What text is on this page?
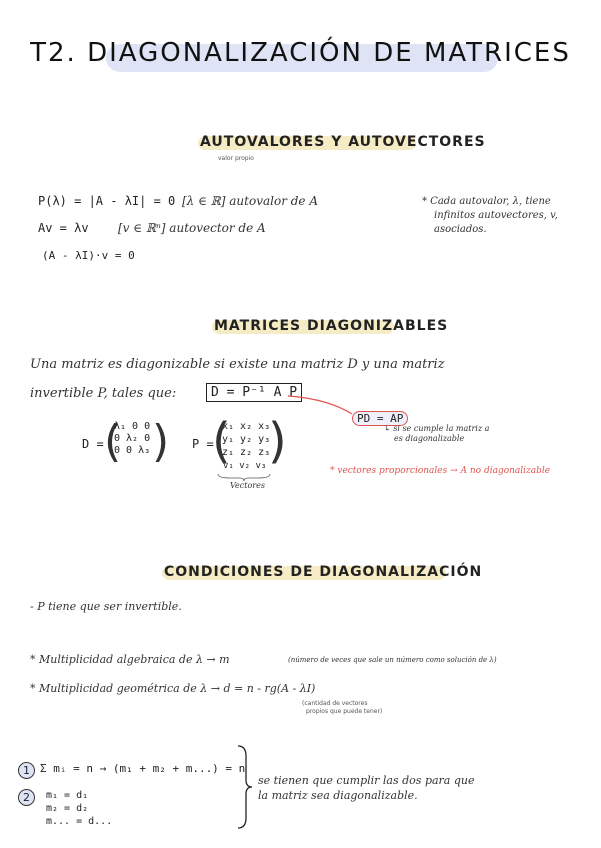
T2. DIAGONALIZACIÓN DE MATRICES
AUTOVALORES Y AUTOVECTORES
valor propio
P(λ) = |A - λI| = 0 [λ ∈ ℝ] autovalor de A
Av = λv [v ∈ ℝⁿ] autovector de A
(A - λI)·v = 0
* Cada autovalor, λ, tiene
infinitos autovectores, v,
asociados.
MATRICES DIAGONIZABLES
Una matriz es diagonizable si existe una matriz D y una matriz
invertible P, tales que:	D = P⁻¹ A P
PD = AP
↳ si se cumple la matriz a
es diagonalizable
D = (
λ₁ 0 0
0 λ₂ 0
0 0 λ₃ ) P =
(
x₁ x₂ x₃
y₁ y₂ y₃
z₁ z₂ z₃
)
v₁ v₂ v₃
Vectores
* vectores proporcionales → A no diagonalizable
CONDICIONES DE DIAGONALIZACIÓN
- P tiene que ser invertible.
* Multiplicidad algebraica de λ → m	(número de veces que sale un número como solución de λ)
* Multiplicidad geométrica de λ → d = n - rg(A - λI)
(cantidad de vectores
propios que puede tener)
1 Σ mᵢ = n → (m₁ + m₂ + m...) = n
2	m₁ = d₁
m₂ = d₂
m... = d...
se tienen que cumplir las dos para que
la matriz sea diagonalizable.
